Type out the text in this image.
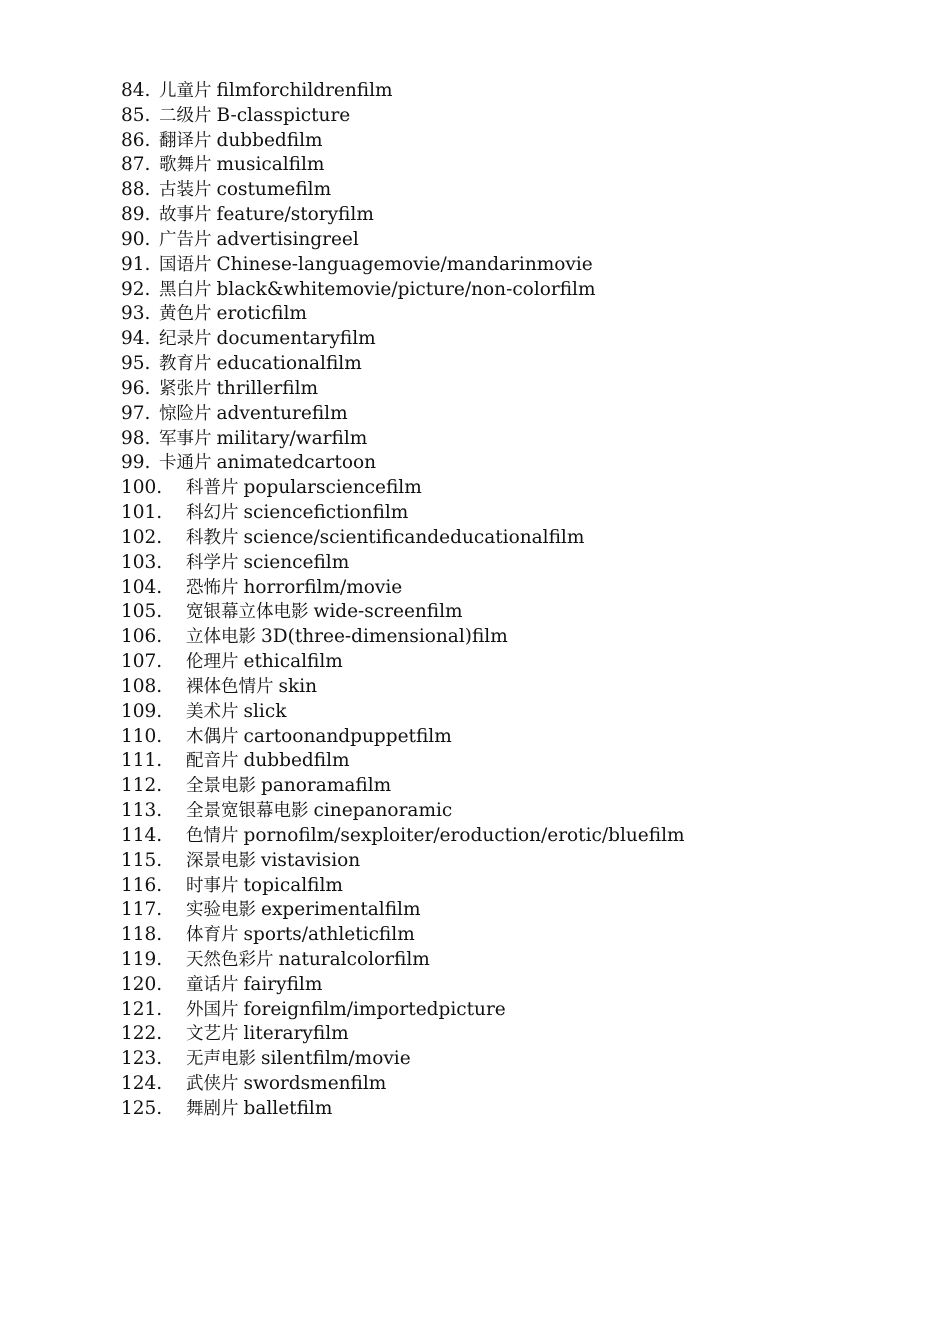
84. 儿童片 filmforchildrenfilm
85. 二级片 B-classpicture
86. 翻译片 dubbedfilm
87. 歌舞片 musicalfilm
88. 古装片 costumefilm
89. 故事片 feature/storyfilm
90. 广告片 advertisingreel
91. 国语片 Chinese-languagemovie/mandarinmovie
92. 黑白片 black&whitemovie/picture/non-colorfilm
93. 黄色片 eroticfilm
94. 纪录片 documentaryfilm
95. 教育片 educationalfilm
96. 紧张片 thrillerfilm
97. 惊险片 adventurefilm
98. 军事片 military/warfilm
99. 卡通片 animatedcartoon
100.	科普片 popularsciencefilm
101.	科幻片 sciencefictionfilm
102.	科教片 science/scientificandeducationalfilm
103.	科学片 sciencefilm
104.	恐怖片 horrorfilm/movie
105.	宽银幕立体电影 wide-screenfilm
106.	立体电影 3D(three-dimensional)film
107.	伦理片 ethicalfilm
108.	裸体色情片 skin
109.	美术片 slick
110.	木偶片 cartoonandpuppetfilm
111.	配音片 dubbedfilm
112.	全景电影 panoramafilm
113.	全景宽银幕电影 cinepanoramic
114.	色情片 pornofilm/sexploiter/eroduction/erotic/bluefilm
115.	深景电影 vistavision
116.	时事片 topicalfilm
117.	实验电影 experimentalfilm
118.	体育片 sports/athleticfilm
119.	天然色彩片 naturalcolorfilm
120.	童话片 fairyfilm
121.	外国片 foreignfilm/importedpicture
122.	文艺片 literaryfilm
123.	无声电影 silentfilm/movie
124.	武侠片 swordsmenfilm
125.	舞剧片 balletfilm
